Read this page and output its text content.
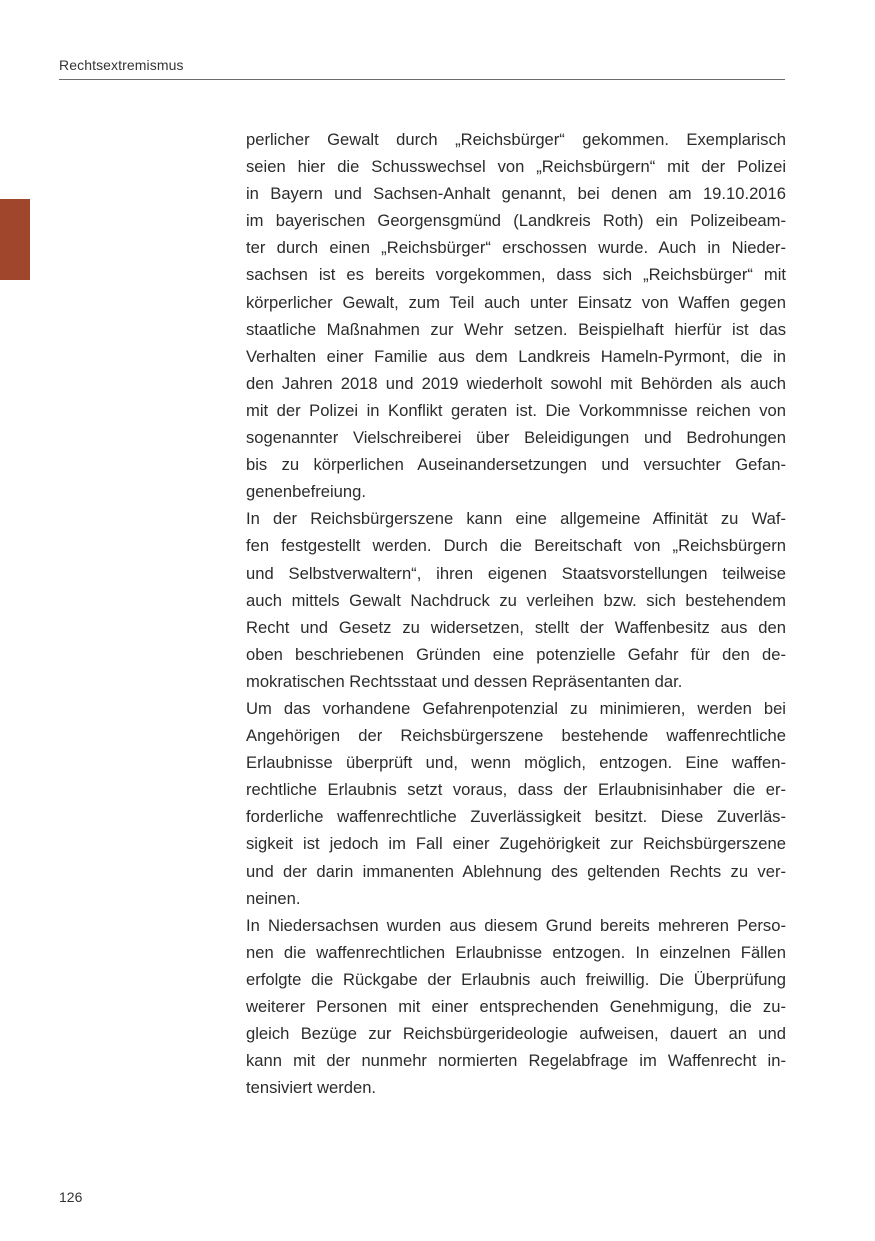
Rechtsextremismus
perlicher Gewalt durch „Reichsbürger“ gekommen. Exemplarisch
seien hier die Schusswechsel von „Reichsbürgern“ mit der Polizei
in Bayern und Sachsen-Anhalt genannt, bei denen am 19.10.2016
im bayerischen Georgensgmünd (Landkreis Roth) ein Polizeibeam-
ter durch einen „Reichsbürger“ erschossen wurde. Auch in Nieder-
sachsen ist es bereits vorgekommen, dass sich „Reichsbürger“ mit
körperlicher Gewalt, zum Teil auch unter Einsatz von Waffen gegen
staatliche Maßnahmen zur Wehr setzen. Beispielhaft hierfür ist das
Verhalten einer Familie aus dem Landkreis Hameln-Pyrmont, die in
den Jahren 2018 und 2019 wiederholt sowohl mit Behörden als auch
mit der Polizei in Konflikt geraten ist. Die Vorkommnisse reichen von
sogenannter Vielschreiberei über Beleidigungen und Bedrohungen
bis zu körperlichen Auseinandersetzungen und versuchter Gefan-
genenbefreiung.
In der Reichsbürgerszene kann eine allgemeine Affinität zu Waf-
fen festgestellt werden. Durch die Bereitschaft von „Reichsbürgern
und Selbstverwaltern“, ihren eigenen Staatsvorstellungen teilweise
auch mittels Gewalt Nachdruck zu verleihen bzw. sich bestehendem
Recht und Gesetz zu widersetzen, stellt der Waffenbesitz aus den
oben beschriebenen Gründen eine potenzielle Gefahr für den de-
mokratischen Rechtsstaat und dessen Repräsentanten dar.
Um das vorhandene Gefahrenpotenzial zu minimieren, werden bei
Angehörigen der Reichsbürgerszene bestehende waffenrechtliche
Erlaubnisse überprüft und, wenn möglich, entzogen. Eine waffen-
rechtliche Erlaubnis setzt voraus, dass der Erlaubnisinhaber die er-
forderliche waffenrechtliche Zuverlässigkeit besitzt. Diese Zuverläs-
sigkeit ist jedoch im Fall einer Zugehörigkeit zur Reichsbürgerszene
und der darin immanenten Ablehnung des geltenden Rechts zu ver-
neinen.
In Niedersachsen wurden aus diesem Grund bereits mehreren Perso-
nen die waffenrechtlichen Erlaubnisse entzogen. In einzelnen Fällen
erfolgte die Rückgabe der Erlaubnis auch freiwillig. Die Überprüfung
weiterer Personen mit einer entsprechenden Genehmigung, die zu-
gleich Bezüge zur Reichsbürgerideologie aufweisen, dauert an und
kann mit der nunmehr normierten Regelabfrage im Waffenrecht in-
tensiviert werden.
126
